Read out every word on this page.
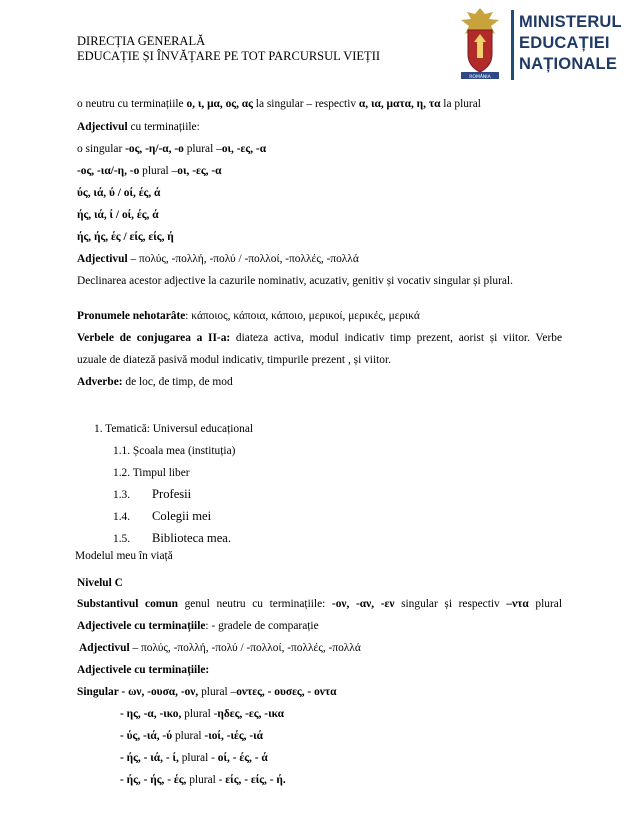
DIRECȚIA GENERALĂ
EDUCAȚIE ȘI ÎNVĂȚARE PE TOT PARCURSUL VIEȚII
ROMÂNIA
MINISTERUL
EDUCAȚIEI
NAȚIONALE
o neutru cu terminațiile ο, ι, μα, ος, ας la singular – respectiv α, ια, ματα, η, τα la plural
Adjectivul cu terminațiile:
o singular -ος, -η/-α, -ο plural –οι, -ες, -α
-ος, -ια/-η, -ο plural –οι, -ες, -α
ύς, ιά, ύ / οί, ές, ά
ής, ιά, ί / οί, ές, ά
ής, ής, ές / είς, είς, ή
Adjectivul – πολύς, -πολλή, -πολύ / -πολλοί, -πολλές, -πολλά
Declinarea acestor adjective la cazurile nominativ, acuzativ, genitiv și vocativ singular și plural.
Pronumele nehotarâte: κάποιος, κάποια, κάποιο, μερικοί, μερικές, μερικά
Verbele de conjugarea a II-a: diateza activa, modul indicativ timp prezent, aorist și viitor. Verbe
uzuale de diateză pasivă modul indicativ, timpurile prezent , și viitor.
Adverbe: de loc, de timp, de mod
1. Tematică: Universul educațional
1.1. Școala mea (instituția)
1.2. Timpul liber
1.3. Profesii
1.4. Colegii mei
1.5. Biblioteca mea.
Modelul meu în viață
Nivelul C
Substantivul comun genul neutru cu terminațiile: -ον, -αν, -εν singular și respectiv –ντα plural
Adjectivele cu terminațiile: - gradele de comparație
Adjectivul – πολύς, -πολλή, -πολύ / -πολλοί, -πολλές, -πολλά
Adjectivele cu terminațiile:
Singular - ων, -ουσα, -ον, plural –οντες, - ουσες, - οντα
- ης, -α, -ικο, plural -ηδες, -ες, -ικα
- ύς, -ιά, -ύ plural -ιοί, -ιές, -ιά
- ής, - ιά, - ί, plural - οί, - ές, - ά
- ής, - ής, - ές, plural - είς, - είς, - ή.
